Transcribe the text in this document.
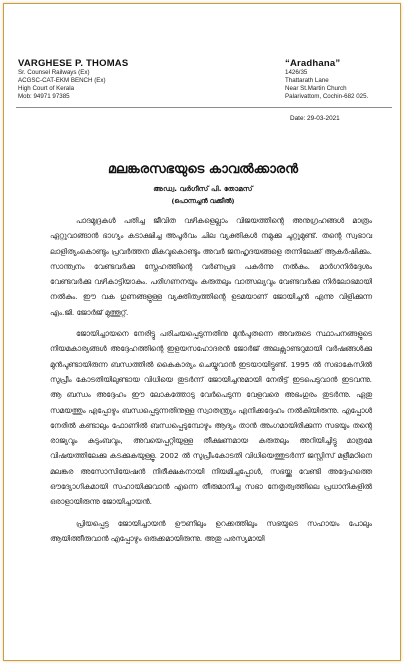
VARGHESE P. THOMAS
Sr. Counsel Railways (Ex)
ACGSC-CAT-EKM BENCH (Ex)
High Court of Kerala
Mob: 94971 97385
“Aradhana”
1426/35
Thattarath Lane
Near St.Martin Church
Palarivattom, Cochin-682 025.
Date: 29-03-2021
മലങ്കരസഭയുടെ കാവൽക്കാരൻ
അഡ്വ. വർഗീസ് പി. തോമസ്
(പൊന്നച്ചൻ വക്കീൽ)

പാദമുദ്രകൾ പതിച്ച ജീവിത വഴികളെല്ലാം വിജയത്തിന്റെ അനുഗ്രഹങ്ങൾ മാത്രം ഏറ്റുവാങ്ങാൻ ഭാഗ്യം കടാക്ഷിച്ച അപൂർവം ചില വ്യക്തികൾ നമുക്കു ചുറ്റുമുണ്ട്. തന്റെ സ്വഭാവ ലാളിത്യംകൊണ്ടും പ്രവർത്തന മികവുകൊണ്ടും അവർ ജനഹൃദയങ്ങളെ തന്നിലേക്ക് ആകർഷിക്കും. സാന്ത്വനം വേണ്ടവർക്കു സ്നേഹത്തിന്റെ വർണപ്രഭ പകർന്നു നൽകും. മാർഗനിർദ്ദേശം വേണ്ടവർക്കു വഴികാട്ടിയാകും. പരിഗണനയും കരുതലും വാത്സല്യവും വേണ്ടവർക്കു നിർലോഭമായി നൽകും. ഈ വക ഗുണങ്ങളുള്ള വ്യക്തിത്വത്തിന്റെ ഉടമയാണ് ജോയിച്ചൻ എന്നു വിളിക്കുന്ന എം.ജി. ജോർജ് മുത്തൂറ്റ്.

ജോയിച്ചായനെ നേരിട്ടു പരിചയപ്പെടുന്നതിനു മുൻപുതന്നെ അവരുടെ സ്ഥാപനങ്ങളുടെ നിയമകാര്യങ്ങൾ അദ്ദേഹത്തിന്റെ ഇളയസഹോദരൻ ജോർജ് അലക്സാണ്ടറുമായി വർഷങ്ങൾക്കു മുൻപുണ്ടായിരുന്ന ബന്ധത്തിൽ കൈകാര്യം ചെയ്യുവാൻ ഇടയായിട്ടുണ്ട്. 1995 ൽ സഭാകേസിൽ സുപ്രീം കോടതിയിലുണ്ടായ വിധിയെ തുടർന്ന് ജോയിച്ചനുമായി നേരിട്ട് ഇടപെടുവാൻ ഇടവന്നു. ആ ബന്ധം അദ്ദേഹം ഈ ലോകത്തോടു വേർപെടുന്ന വേളവരെ അഭംഗുരം തുടർന്നു. ഏതു സമയത്തും എപ്പോഴും ബന്ധപ്പെടുന്നതിനുള്ള സ്വാതന്ത്ര്യം എനിക്കദ്ദേഹം നൽകിയിരുന്നു. എപ്പോൾ നേരിൽ കണ്ടാലും ഫോണിൽ ബന്ധപ്പെടുമ്പോഴും ആദ്യം താൻ അംഗമായിരിക്കുന്ന സഭയും തന്റെ രാജ്യവും കുടുംബവും, അവയെപ്പറ്റിയുള്ള തീക്ഷണമായ കരുതലും അറിയിച്ചിട്ടു മാത്രമേ വിഷയത്തിലേക്കു കടക്കുകയുള്ളൂ. 2002 ൽ സുപ്രീംകോടതി വിധിയെത്തുടർന്ന് ജസ്റ്റിസ് മളീമഠിനെ മലങ്കര അസോസിയേഷൻ നിരീക്ഷകനായി നിയമിച്ചപ്പോൾ, സഭയ്ക്കു വേണ്ടി അദ്ദേഹത്തെ ഔദ്യോഗികമായി സഹായിക്കുവാൻ എന്നെ തീരുമാനിച്ച സഭാ നേതൃത്വത്തിലെ പ്രധാനികളിൽ ഒരാളായിരുന്നു ജോയിച്ചായൻ.

പ്രിയപ്പെട്ട ജോയിച്ചായൻ ഊണിലും ഉറക്കത്തിലും സഭയുടെ സഹായം പോലും ആയിത്തീരുവാൻ എപ്പോഴും ഒരുക്കമായിരുന്നു. അതു പരസ്യമായി
